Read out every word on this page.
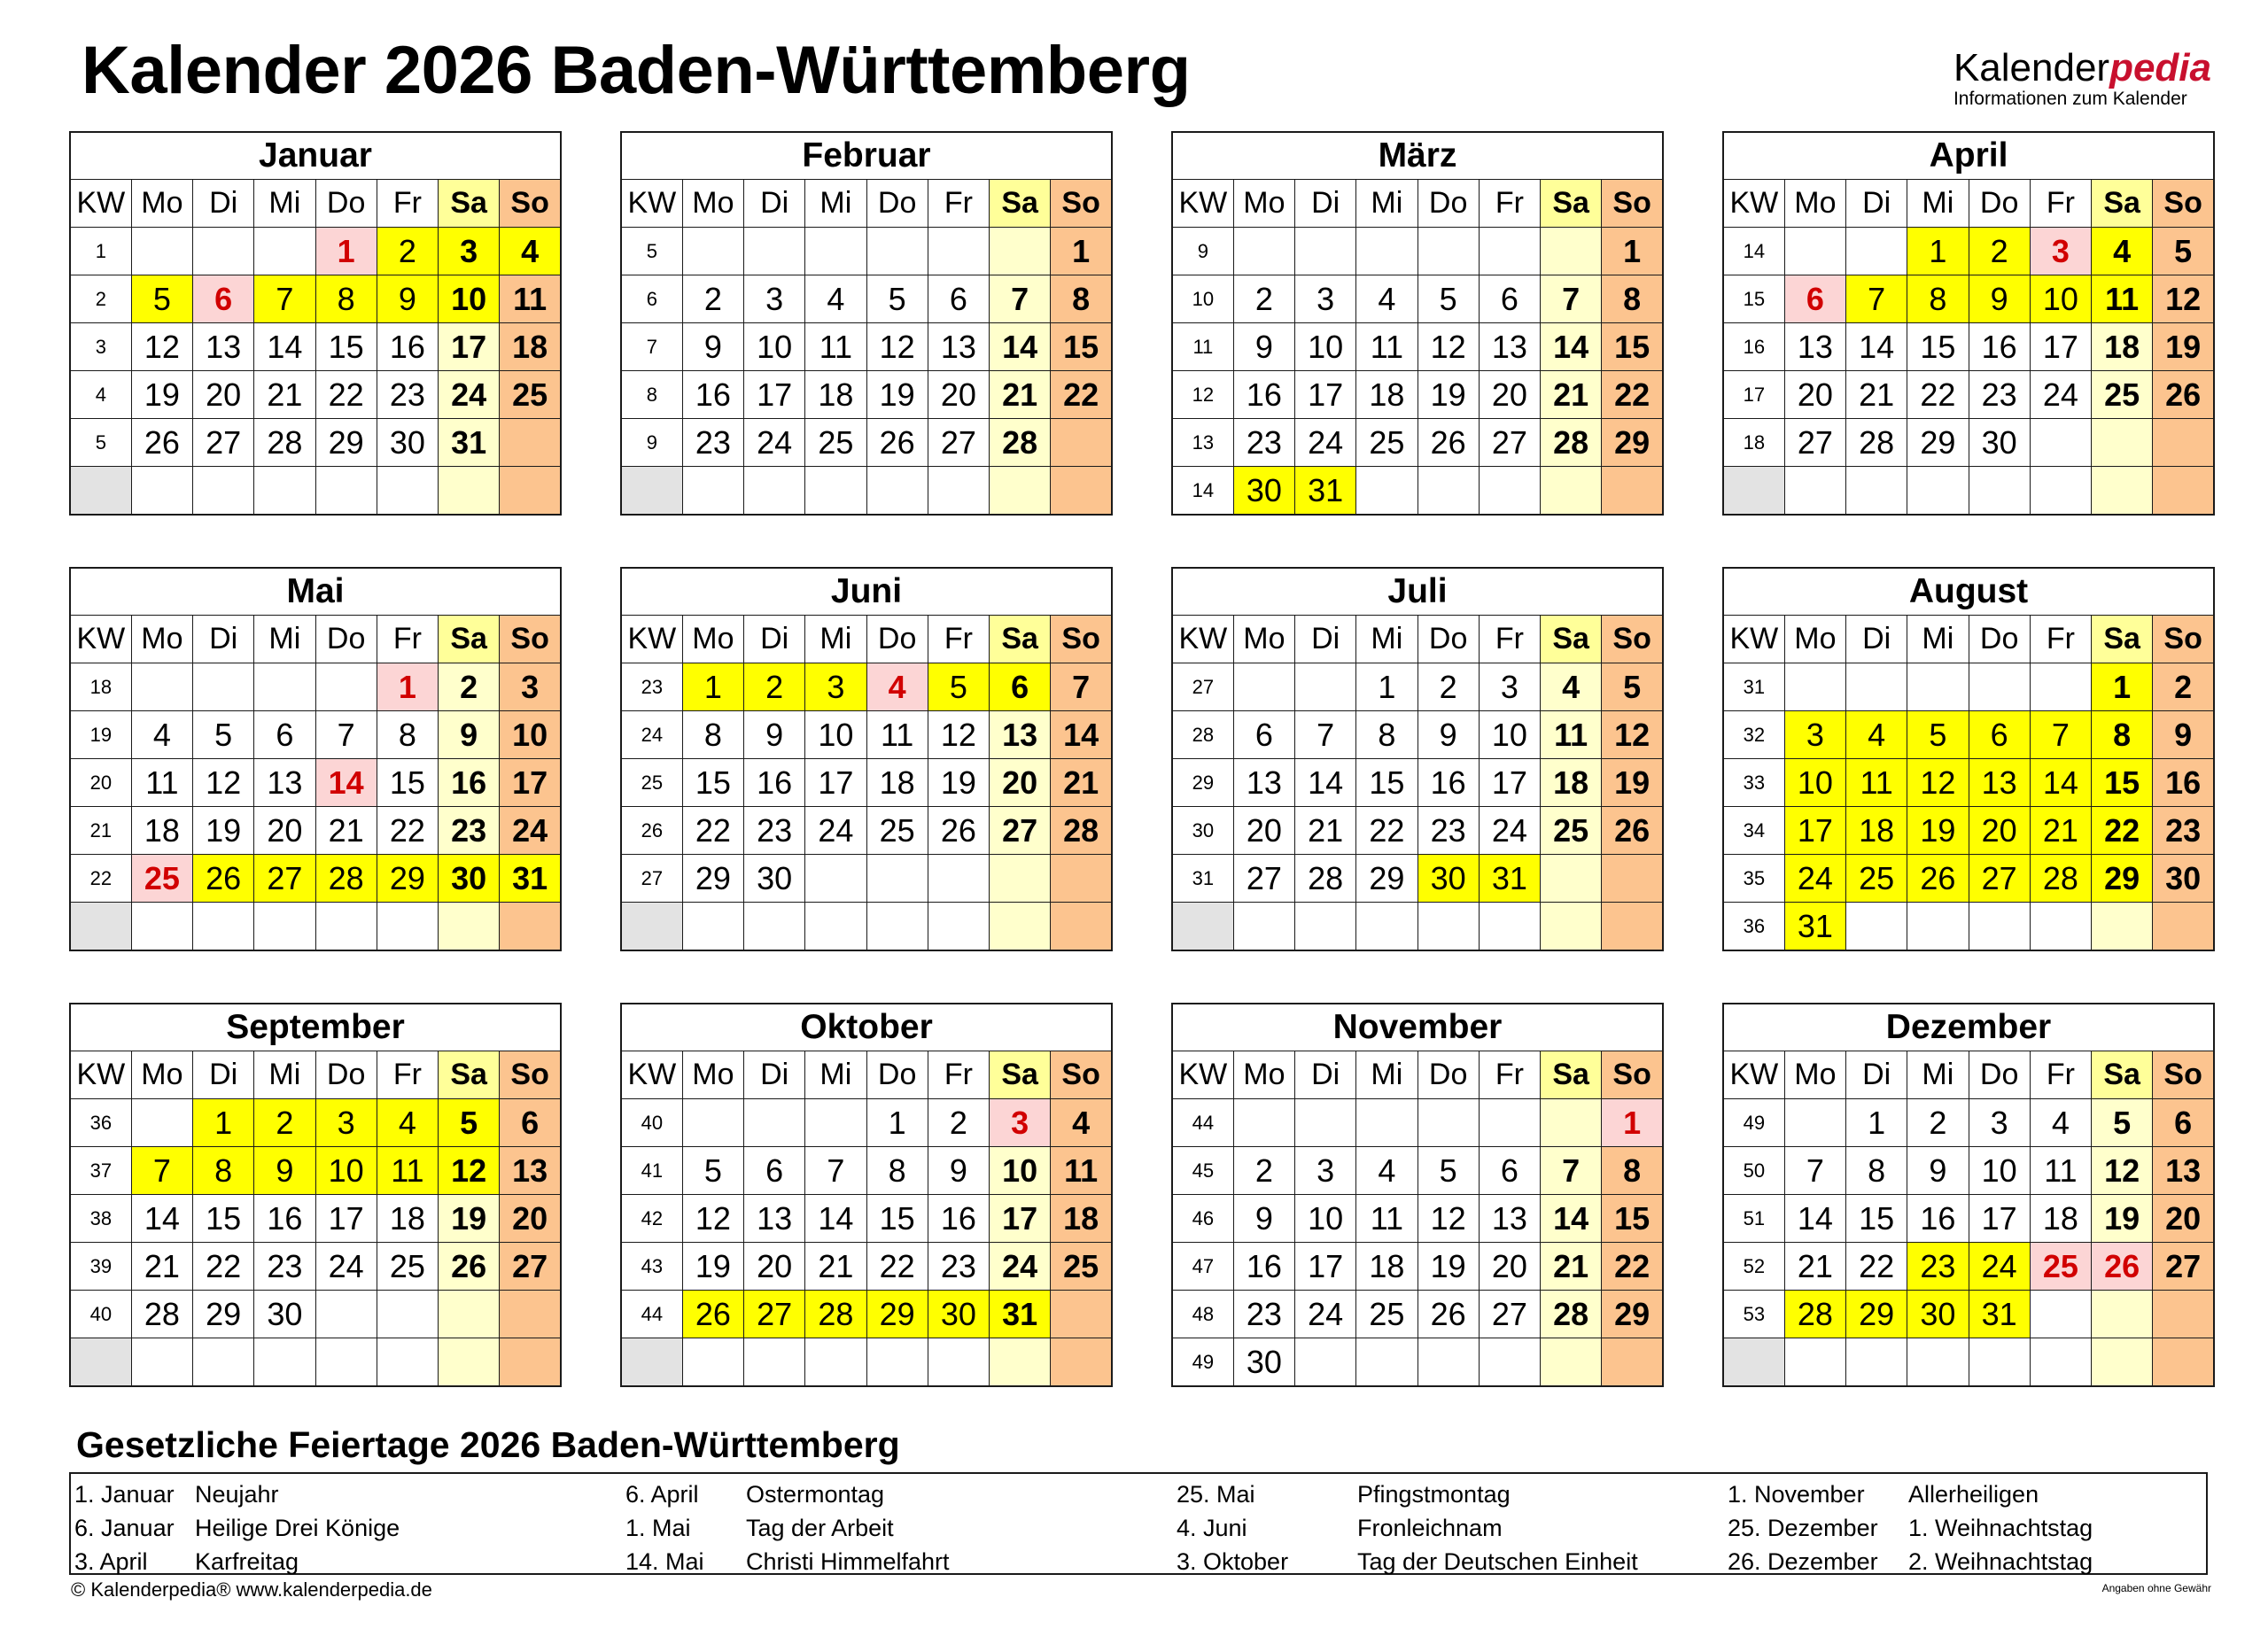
Kalender 2026 Baden-Württemberg	Kalenderpedia
Informationen zum Kalender
Januar							
KW	Mo	Di	Mi	Do	Fr	Sa	So
1				1	2	3	4
2	5	6	7	8	9	10	11
3	12	13	14	15	16	17	18
4	19	20	21	22	23	24	25
5	26	27	28	29	30	31	

Februar							
KW	Mo	Di	Mi	Do	Fr	Sa	So
5							1
6	2	3	4	5	6	7	8
7	9	10	11	12	13	14	15
8	16	17	18	19	20	21	22
9	23	24	25	26	27	28	

März							
KW	Mo	Di	Mi	Do	Fr	Sa	So
9							1
10	2	3	4	5	6	7	8
11	9	10	11	12	13	14	15
12	16	17	18	19	20	21	22
13	23	24	25	26	27	28	29
14	30	31					
April							
KW	Mo	Di	Mi	Do	Fr	Sa	So
14			1	2	3	4	5
15	6	7	8	9	10	11	12
16	13	14	15	16	17	18	19
17	20	21	22	23	24	25	26
18	27	28	29	30			

Mai							
KW	Mo	Di	Mi	Do	Fr	Sa	So
18					1	2	3
19	4	5	6	7	8	9	10
20	11	12	13	14	15	16	17
21	18	19	20	21	22	23	24
22	25	26	27	28	29	30	31

Juni							
KW	Mo	Di	Mi	Do	Fr	Sa	So
23	1	2	3	4	5	6	7
24	8	9	10	11	12	13	14
25	15	16	17	18	19	20	21
26	22	23	24	25	26	27	28
27	29	30					

Juli							
KW	Mo	Di	Mi	Do	Fr	Sa	So
27			1	2	3	4	5
28	6	7	8	9	10	11	12
29	13	14	15	16	17	18	19
30	20	21	22	23	24	25	26
31	27	28	29	30	31		

August							
KW	Mo	Di	Mi	Do	Fr	Sa	So
31						1	2
32	3	4	5	6	7	8	9
33	10	11	12	13	14	15	16
34	17	18	19	20	21	22	23
35	24	25	26	27	28	29	30
36	31						
September							
KW	Mo	Di	Mi	Do	Fr	Sa	So
36		1	2	3	4	5	6
37	7	8	9	10	11	12	13
38	14	15	16	17	18	19	20
39	21	22	23	24	25	26	27
40	28	29	30				

Oktober							
KW	Mo	Di	Mi	Do	Fr	Sa	So
40				1	2	3	4
41	5	6	7	8	9	10	11
42	12	13	14	15	16	17	18
43	19	20	21	22	23	24	25
44	26	27	28	29	30	31	

November							
KW	Mo	Di	Mi	Do	Fr	Sa	So
44							1
45	2	3	4	5	6	7	8
46	9	10	11	12	13	14	15
47	16	17	18	19	20	21	22
48	23	24	25	26	27	28	29
49	30						
Dezember							
KW	Mo	Di	Mi	Do	Fr	Sa	So
49		1	2	3	4	5	6
50	7	8	9	10	11	12	13
51	14	15	16	17	18	19	20
52	21	22	23	24	25	26	27
53	28	29	30	31			

Gesetzliche Feiertage 2026 Baden-Württemberg
1. Januar Neujahr
6. Januar Heilige Drei Könige
3. April Karfreitag
6. April Ostermontag
1. Mai Tag der Arbeit
14. Mai Christi Himmelfahrt
25. Mai	Pfingstmontag
4. Juni	Fronleichnam
3. Oktober	Tag der Deutschen Einheit
1. November Allerheiligen
25. Dezember 1. Weihnachtstag
26. Dezember 2. Weihnachtstag
© Kalenderpedia® www.kalenderpedia.de	Angaben ohne Gewähr
